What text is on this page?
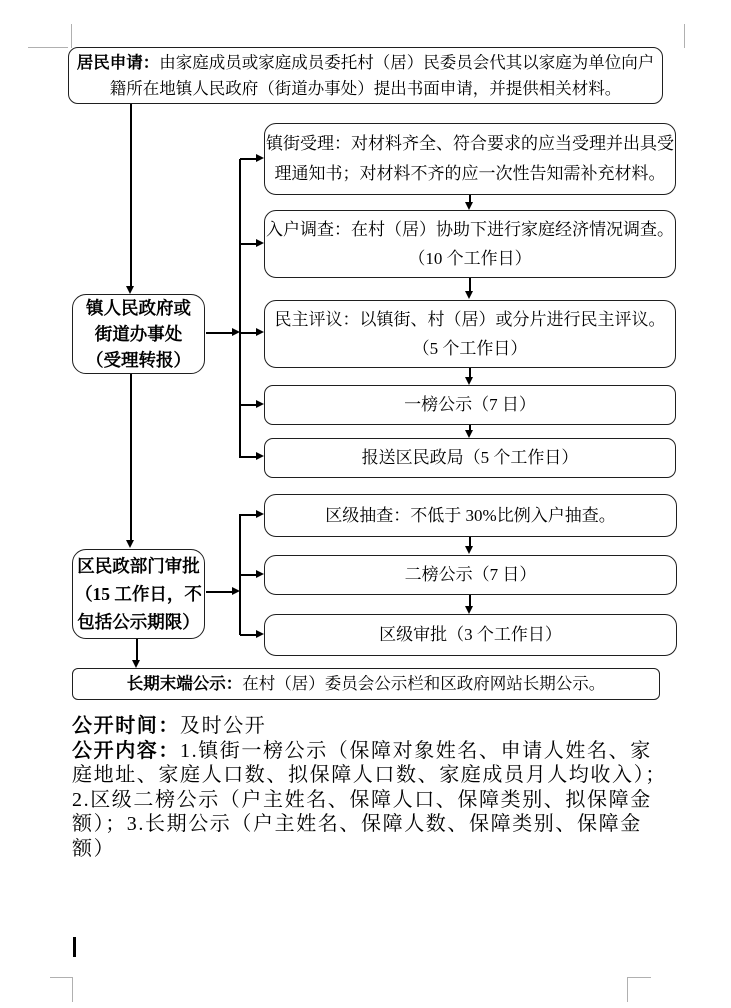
居民申请：由家庭成员或家庭成员委托村（居）民委员会代其以家庭为单位向户籍所在地镇人民政府（街道办事处）提出书面申请，并提供相关材料。
镇人民政府或
街道办事处
（受理转报）
镇街受理：对材料齐全、符合要求的应当受理并出具受理通知书；对材料不齐的应一次性告知需补充材料。
入户调查：在村（居）协助下进行家庭经济情况调查。
（10 个工作日）
民主评议：以镇街、村（居）或分片进行民主评议。
（5 个工作日）
一榜公示（7 日）
报送区民政局（5 个工作日）
区民政部门审批
（15 工作日，不
包括公示期限）
区级抽查：不低于 30%比例入户抽查。
二榜公示（7 日）
区级审批（3 个工作日）
长期末端公示：在村（居）委员会公示栏和区政府网站长期公示。

公开时间：及时公开

公开内容：1.镇街一榜公示（保障对象姓名、申请人姓名、家庭地址、家庭人口数、拟保障人口数、家庭成员月人均收入）；2.区级二榜公示（户主姓名、保障人口、保障类别、拟保障金额）；3.长期公示（户主姓名、保障人数、保障类别、保障金额）
